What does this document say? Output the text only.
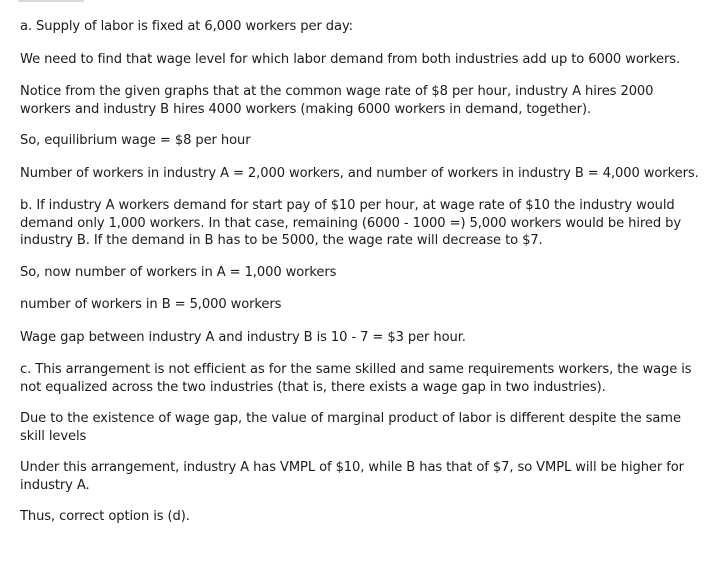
a. Supply of labor is fixed at 6,000 workers per day:

We need to find that wage level for which labor demand from both industries add up to 6000 workers.

Notice from the given graphs that at the common wage rate of $8 per hour, industry A hires 2000 workers and industry B hires 4000 workers (making 6000 workers in demand, together).

So, equilibrium wage = $8 per hour

Number of workers in industry A = 2,000 workers, and number of workers in industry B = 4,000 workers.

b. If industry A workers demand for start pay of $10 per hour, at wage rate of $10 the industry would demand only 1,000 workers. In that case, remaining (6000 - 1000 =) 5,000 workers would be hired by industry B. If the demand in B has to be 5000, the wage rate will decrease to $7.

So, now number of workers in A = 1,000 workers

number of workers in B = 5,000 workers

Wage gap between industry A and industry B is 10 - 7 = $3 per hour.

c. This arrangement is not efficient as for the same skilled and same requirements workers, the wage is not equalized across the two industries (that is, there exists a wage gap in two industries).

Due to the existence of wage gap, the value of marginal product of labor is different despite the same skill levels

Under this arrangement, industry A has VMPL of $10, while B has that of $7, so VMPL will be higher for industry A.

Thus, correct option is (d).
